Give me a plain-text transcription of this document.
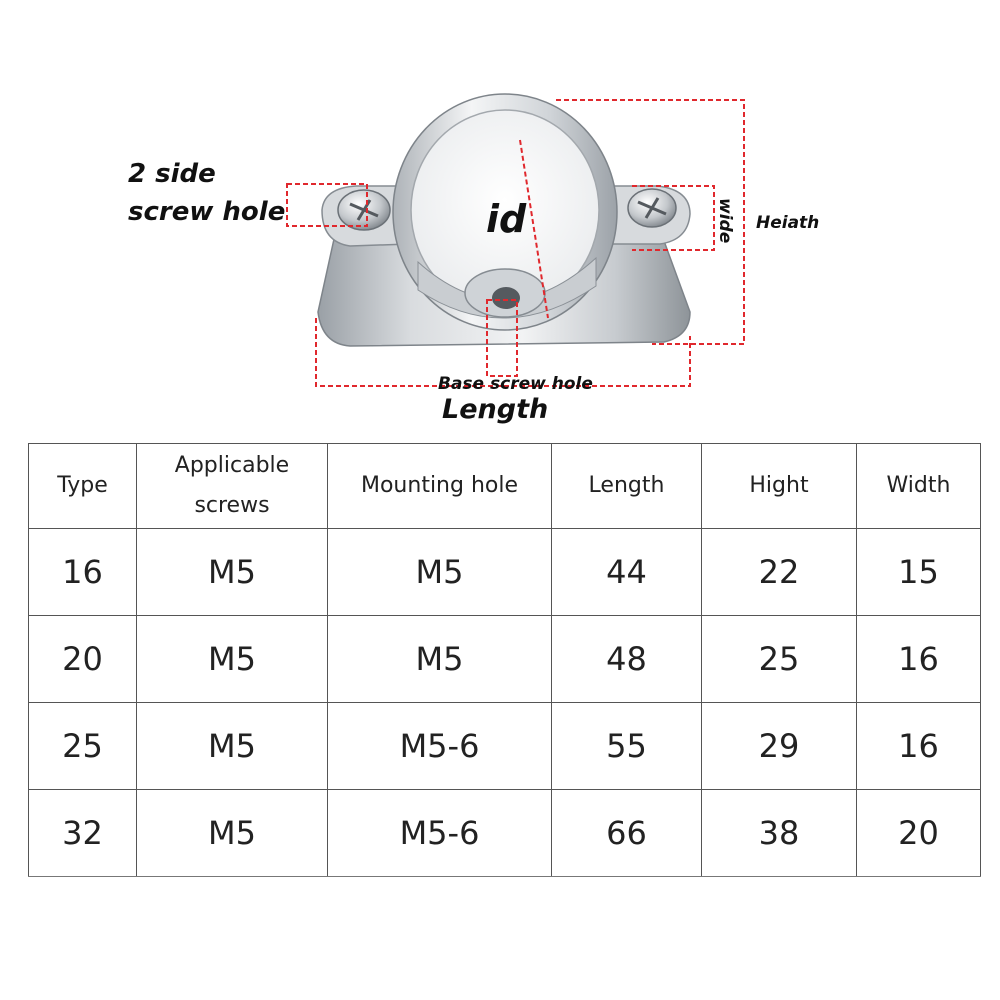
2 side
screw hole	id	wide Heiath
Base screw hole
Length
Type	Applicable screws	Mounting hole	Length	Hight	Width
16	M5	M5	44	22	15
20	M5	M5	48	25	16
25	M5	M5-6	55	29	16
32	M5	M5-6	66	38	20
